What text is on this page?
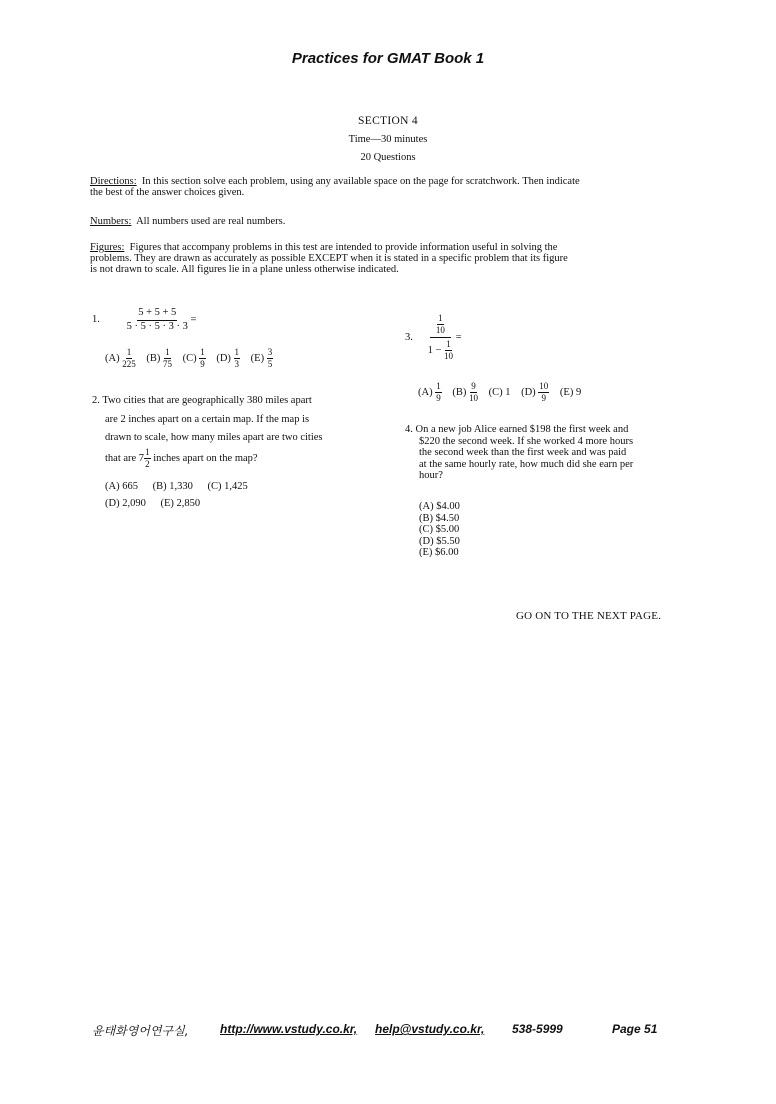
Practices for GMAT Book 1
SECTION 4
Time—30 minutes
20 Questions
Directions: In this section solve each problem, using any available space on the page for scratchwork. Then indicate
the best of the answer choices given.
Numbers: All numbers used are real numbers.
Figures: Figures that accompany problems in this test are intended to provide information useful in solving the
problems. They are drawn as accurately as possible EXCEPT when it is stated in a specific problem that its figure
is not drawn to scale. All figures lie in a plane unless otherwise indicated.
1.	$\frac{5 + 5 + 5}{5 \cdot 5 \cdot 5 \cdot 3 \cdot 3}$ =
$(A) \frac{1}{225} (B) \frac{1}{75} (C) \frac{1}{9} (D) \frac{1}{3} (E) \frac{3}{5}$
2. Two cities that are geographically 380 miles apart
are 2 inches apart on a certain map. If the map is
drawn to scale, how many miles apart are two cities
that are $7 \frac{1}{2}$ inches apart on the map?
(A) 665 (B) 1,330 (C) 1,425
(D) 2,090 (E) 2,850
3. $\frac{\frac{1}{10}}{1 - \frac{1}{10}}$ =
$(A) \frac{1}{9} (B) \frac{9}{10} (C)$ 1 $(D) \frac{10}{9} (E)$ 9
4. On a new job Alice earned $198 the first week and
$220 the second week. If she worked 4 more hours
the second week than the first week and was paid
at the same hourly rate, how much did she earn per
hour?
(A) $4.00
(B) $4.50
(C) $5.00
(D) $5.50
(E) $6.00
GO ON TO THE NEXT PAGE.
윤태화영어연구실,	http://www.vstudy.co.kr, help@vstudy.co.kr, 538-5999	Page 51
